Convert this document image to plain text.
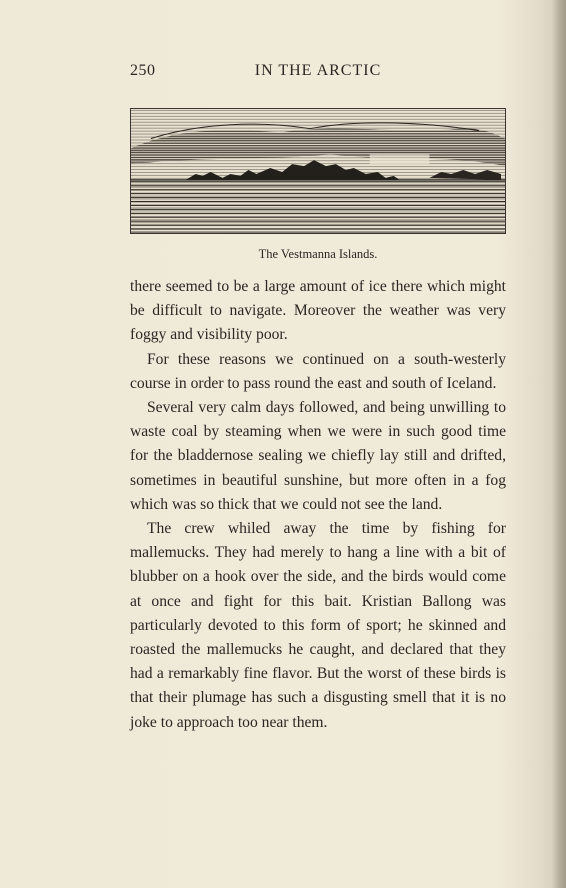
250	IN THE ARCTIC
The Vestmanna Islands.

there seemed to be a large amount of ice there which might be difficult to navigate. Moreover the weather was very foggy and visibility poor.

For these reasons we continued on a south-westerly course in order to pass round the east and south of Iceland.

Several very calm days followed, and being unwilling to waste coal by steaming when we were in such good time for the bladdernose sealing we chiefly lay still and drifted, sometimes in beautiful sunshine, but more often in a fog which was so thick that we could not see the land.

The crew whiled away the time by fishing for mallemucks. They had merely to hang a line with a bit of blubber on a hook over the side, and the birds would come at once and fight for this bait. Kristian Ballong was particularly devoted to this form of sport; he skinned and roasted the mallemucks he caught, and declared that they had a remarkably fine flavor. But the worst of these birds is that their plumage has such a disgusting smell that it is no joke to approach too near them.
